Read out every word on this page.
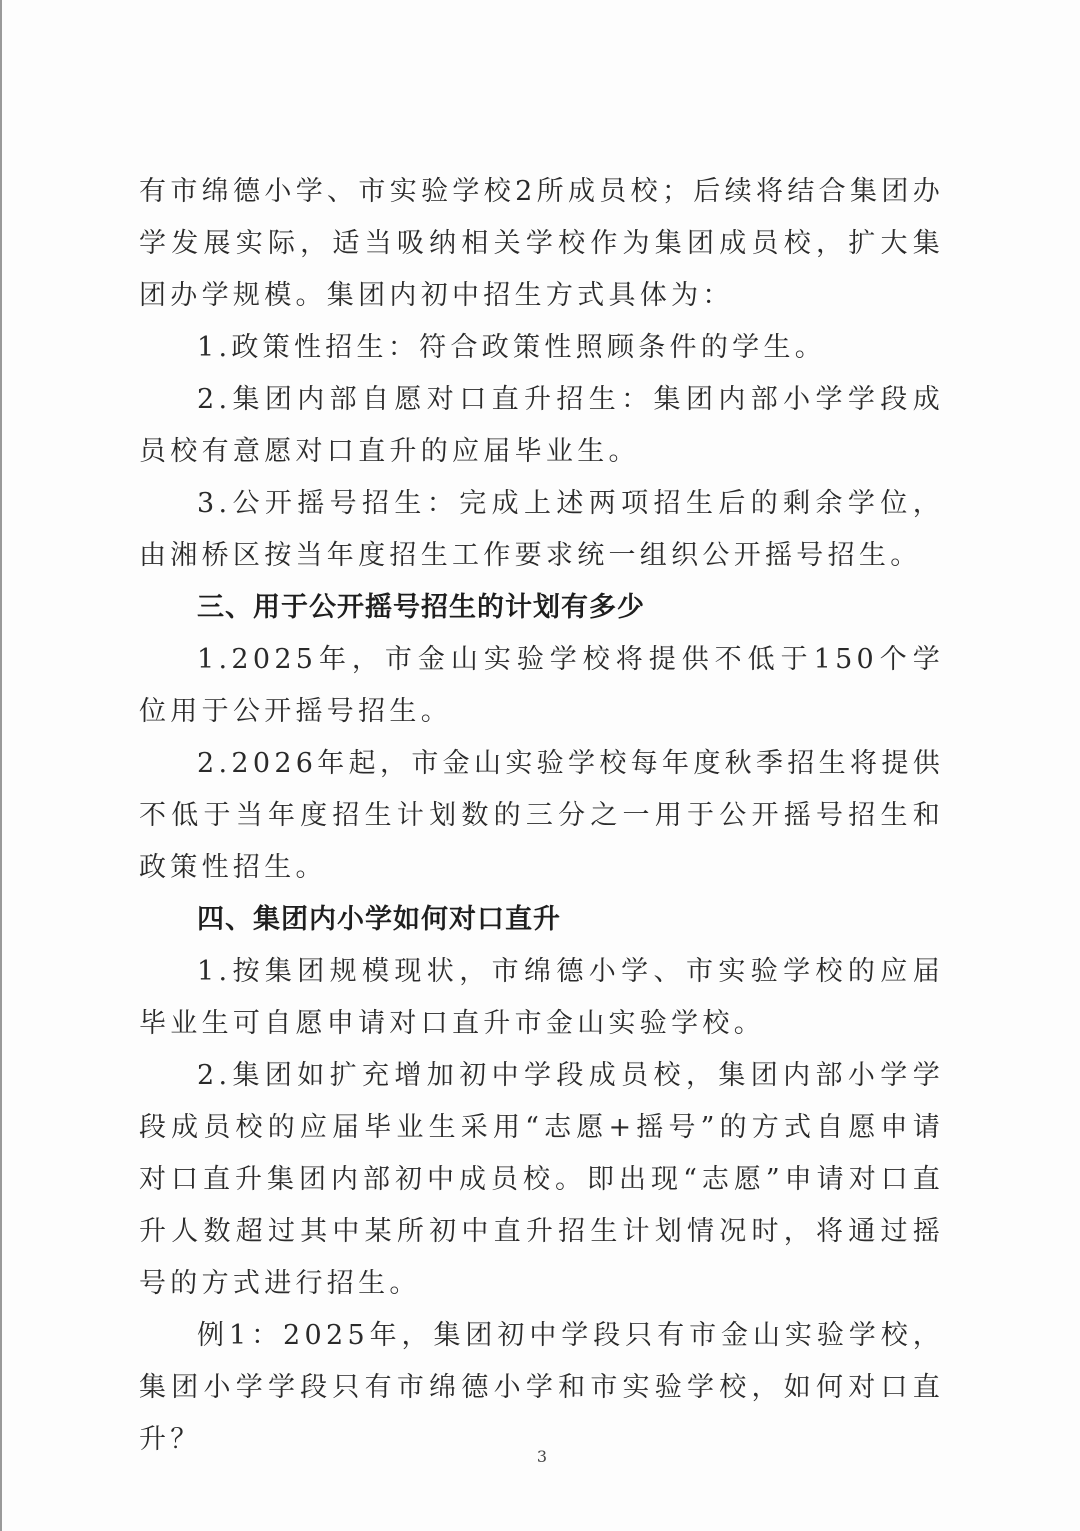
有市绵德小学、市实验学校2所成员校；后续将结合集团办学发展实际，适当吸纳相关学校作为集团成员校，扩大集团办学规模。集团内初中招生方式具体为：

1.政策性招生：符合政策性照顾条件的学生。

2.集团内部自愿对口直升招生：集团内部小学学段成员校有意愿对口直升的应届毕业生。

3.公开摇号招生：完成上述两项招生后的剩余学位，由湘桥区按当年度招生工作要求统一组织公开摇号招生。

三、用于公开摇号招生的计划有多少

1.2025年，市金山实验学校将提供不低于150个学位用于公开摇号招生。

2.2026年起，市金山实验学校每年度秋季招生将提供不低于当年度招生计划数的三分之一用于公开摇号招生和政策性招生。

四、集团内小学如何对口直升

1.按集团规模现状，市绵德小学、市实验学校的应届毕业生可自愿申请对口直升市金山实验学校。

2.集团如扩充增加初中学段成员校，集团内部小学学段成员校的应届毕业生采用“志愿+摇号”的方式自愿申请对口直升集团内部初中成员校。即出现“志愿”申请对口直升人数超过其中某所初中直升招生计划情况时，将通过摇号的方式进行招生。

例1：2025年，集团初中学段只有市金山实验学校，集团小学学段只有市绵德小学和市实验学校，如何对口直升？

3
